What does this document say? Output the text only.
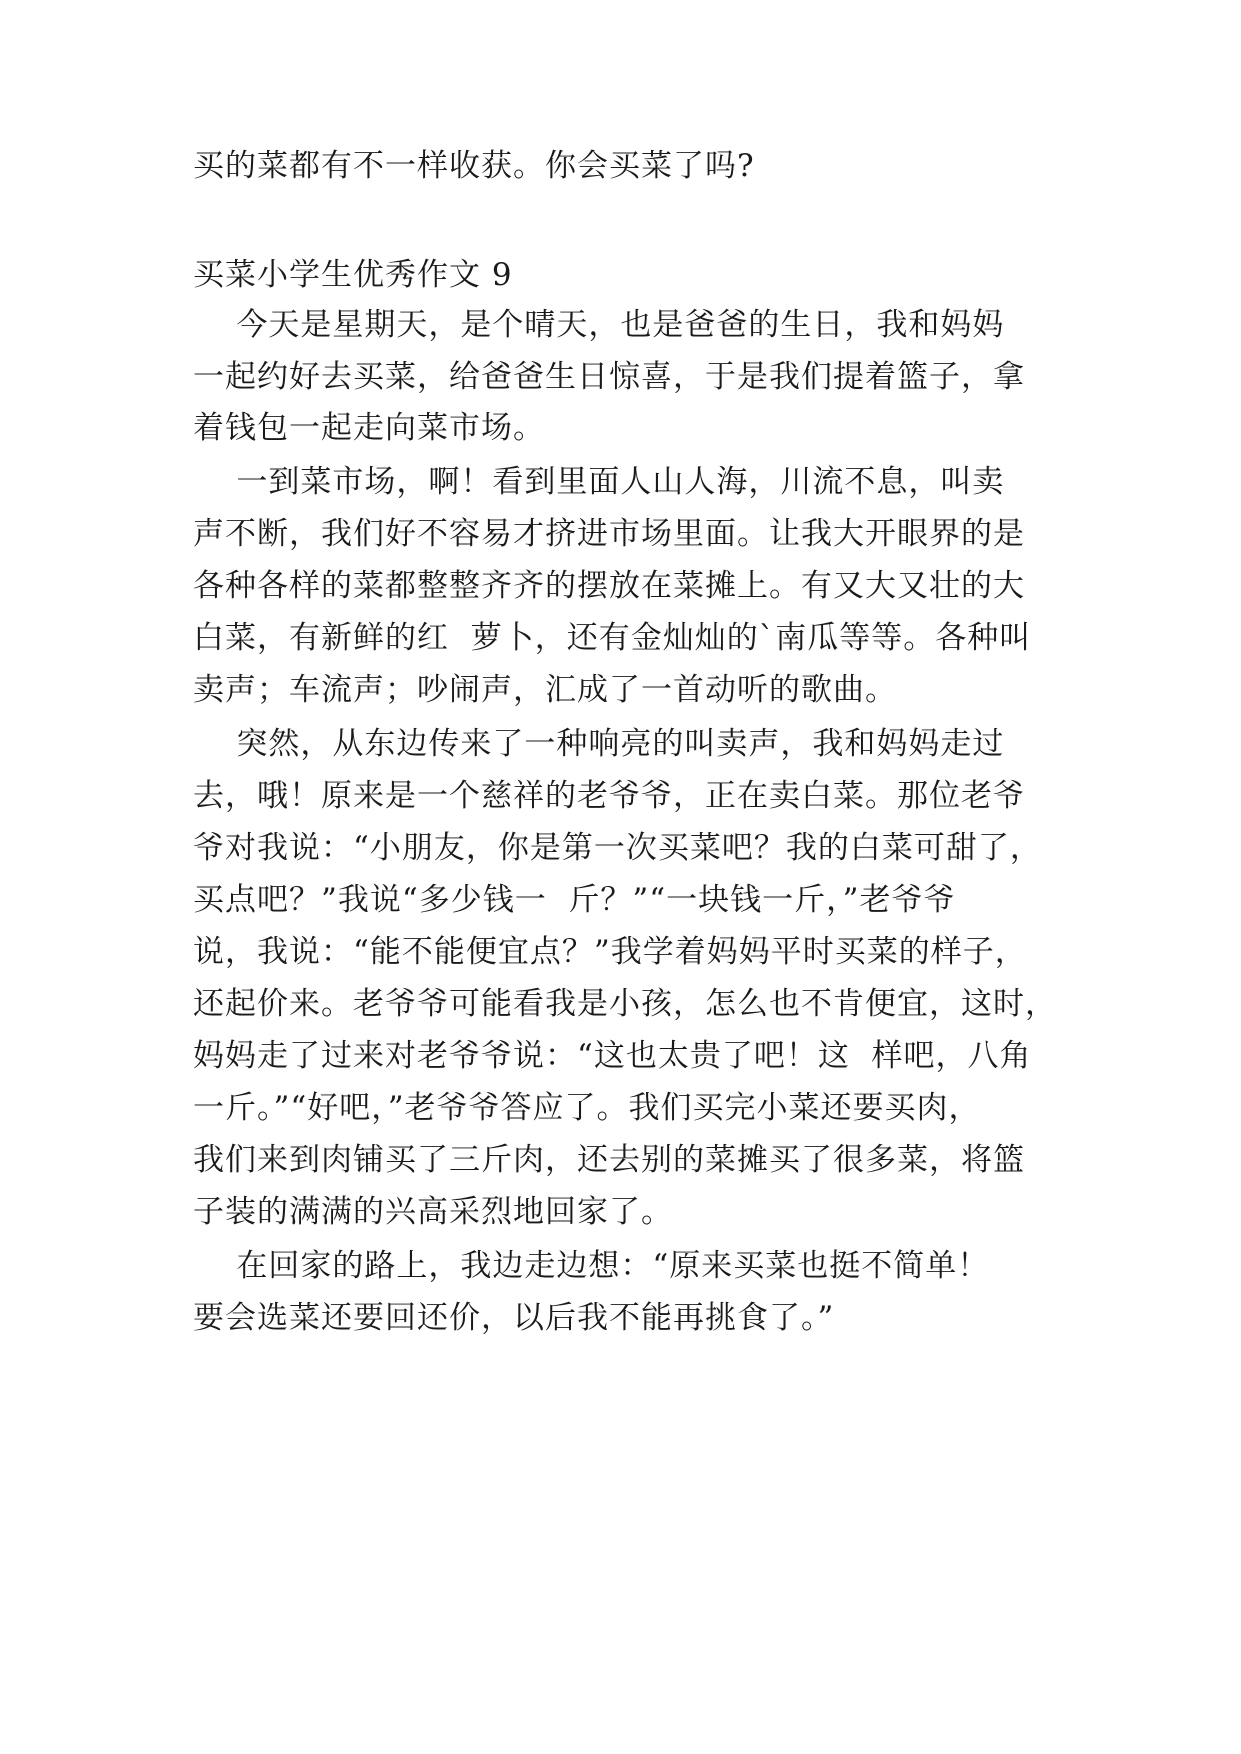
买的菜都有不一样收获。你会买菜了吗?
买菜小学生优秀作文 9
今天是星期天，是个晴天，也是爸爸的生日，我和妈妈
一起约好去买菜，给爸爸生日惊喜，于是我们提着篮子，拿
着钱包一起走向菜市场。
一到菜市场，啊！看到里面人山人海，川流不息，叫卖
声不断，我们好不容易才挤进市场里面。让我大开眼界的是
各种各样的菜都整整齐齐的摆放在菜摊上。有又大又壮的大
白菜，有新鲜的红  萝卜，还有金灿灿的`南瓜等等。各种叫
卖声；车流声；吵闹声，汇成了一首动听的歌曲。
突然，从东边传来了一种响亮的叫卖声，我和妈妈走过
去，哦！原来是一个慈祥的老爷爷，正在卖白菜。那位老爷
爷对我说：“小朋友，你是第一次买菜吧？我的白菜可甜了，
买点吧？”我说“多少钱一  斤？”“一块钱一斤，”老爷爷
说，我说：“能不能便宜点？”我学着妈妈平时买菜的样子，
还起价来。老爷爷可能看我是小孩，怎么也不肯便宜，这时，
妈妈走了过来对老爷爷说：“这也太贵了吧！这  样吧，八角
一斤。”“好吧，”老爷爷答应了。我们买完小菜还要买肉，
我们来到肉铺买了三斤肉，还去别的菜摊买了很多菜，将篮
子装的满满的兴高采烈地回家了。
在回家的路上，我边走边想：“原来买菜也挺不简单！
要会选菜还要回还价，以后我不能再挑食了。”
